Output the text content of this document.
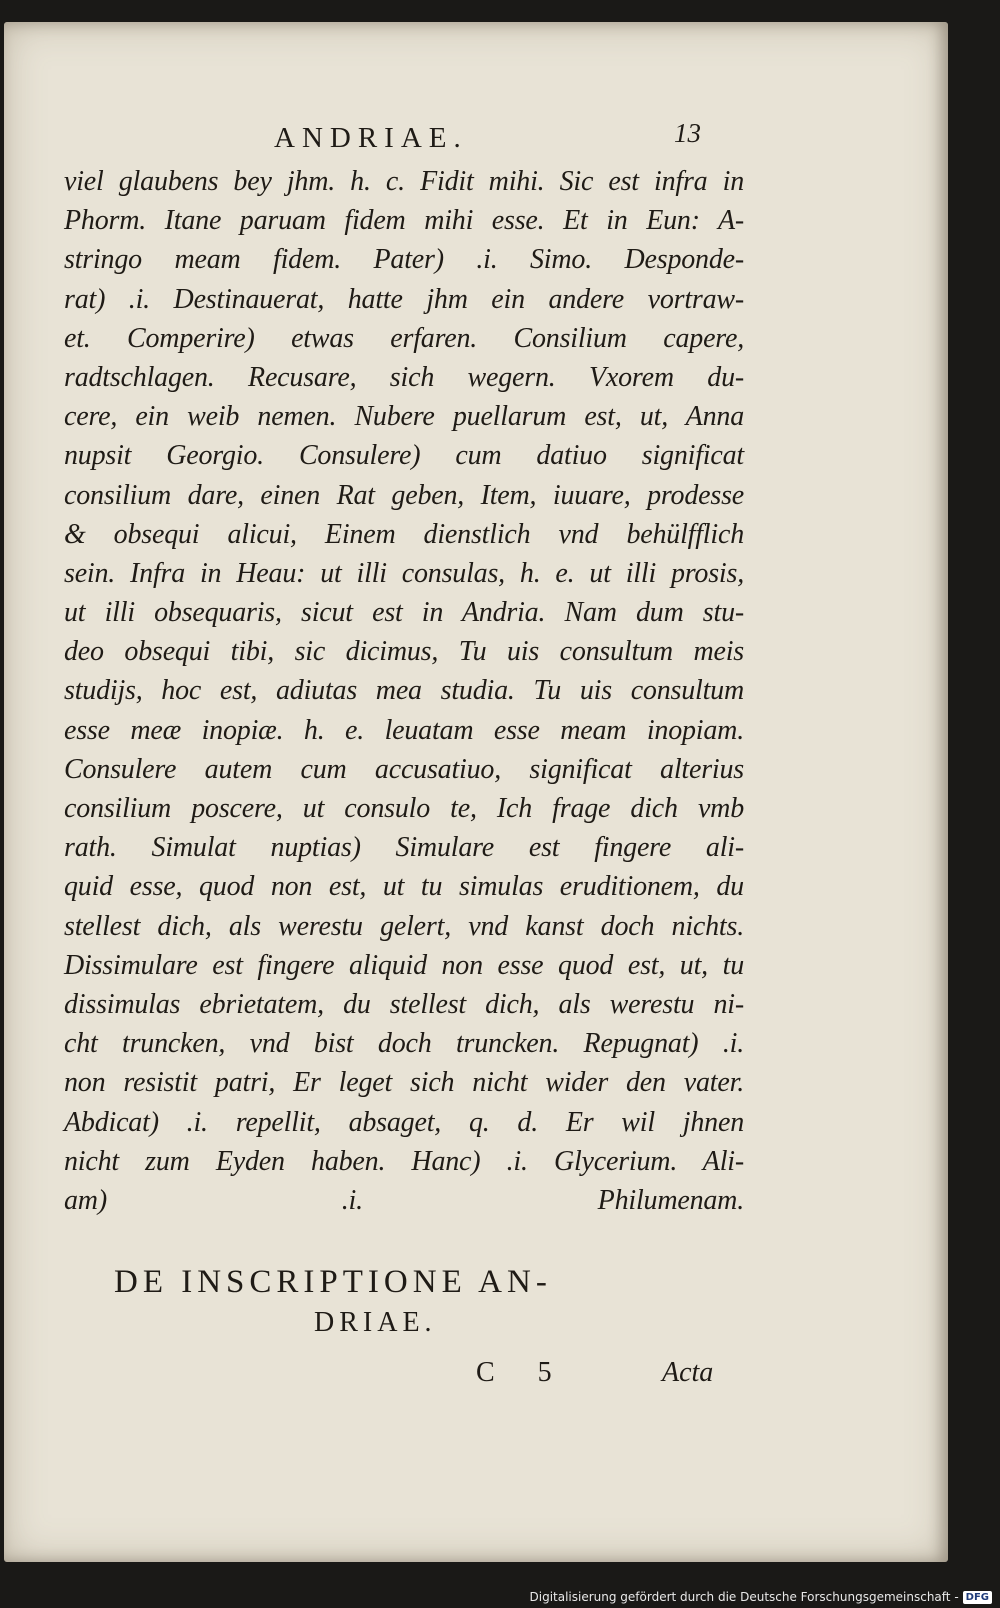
ANDRIAE.	13
viel glaubens bey jhm. h. c. Fidit mihi. Sic est infra in
Phorm. Itane paruam fidem mihi esse. Et in Eun: A-
stringo meam fidem. Pater) .i. Simo. Desponde-
rat) .i. Destinauerat, hatte jhm ein andere vortraw-
et. Comperire) etwas erfaren. Consilium capere,
radtschlagen. Recusare, sich wegern. Vxorem du-
cere, ein weib nemen. Nubere puellarum est, ut, Anna
nupsit Georgio. Consulere) cum datiuo significat
consilium dare, einen Rat geben, Item, iuuare, prodesse
& obsequi alicui, Einem dienstlich vnd behülfflich
sein. Infra in Heau: ut illi consulas, h. e. ut illi prosis,
ut illi obsequaris, sicut est in Andria. Nam dum stu-
deo obsequi tibi, sic dicimus, Tu uis consultum meis
studijs, hoc est, adiutas mea studia. Tu uis consultum
esse meæ inopiæ. h. e. leuatam esse meam inopiam.
Consulere autem cum accusatiuo, significat alterius
consilium poscere, ut consulo te, Ich frage dich vmb
rath. Simulat nuptias) Simulare est fingere ali-
quid esse, quod non est, ut tu simulas eruditionem, du
stellest dich, als werestu gelert, vnd kanst doch nichts.
Dissimulare est fingere aliquid non esse quod est, ut, tu
dissimulas ebrietatem, du stellest dich, als werestu ni-
cht truncken, vnd bist doch truncken. Repugnat) .i.
non resistit patri, Er leget sich nicht wider den vater.
Abdicat) .i. repellit, absaget, q. d. Er wil jhnen
nicht zum Eyden haben. Hanc) .i. Glycerium. Ali-
am) .i. Philumenam.
DE INSCRIPTIONE AN-
DRIAE.
C 5	Acta
Digitalisierung gefördert durch die Deutsche Forschungsgemeinschaft - DFG
